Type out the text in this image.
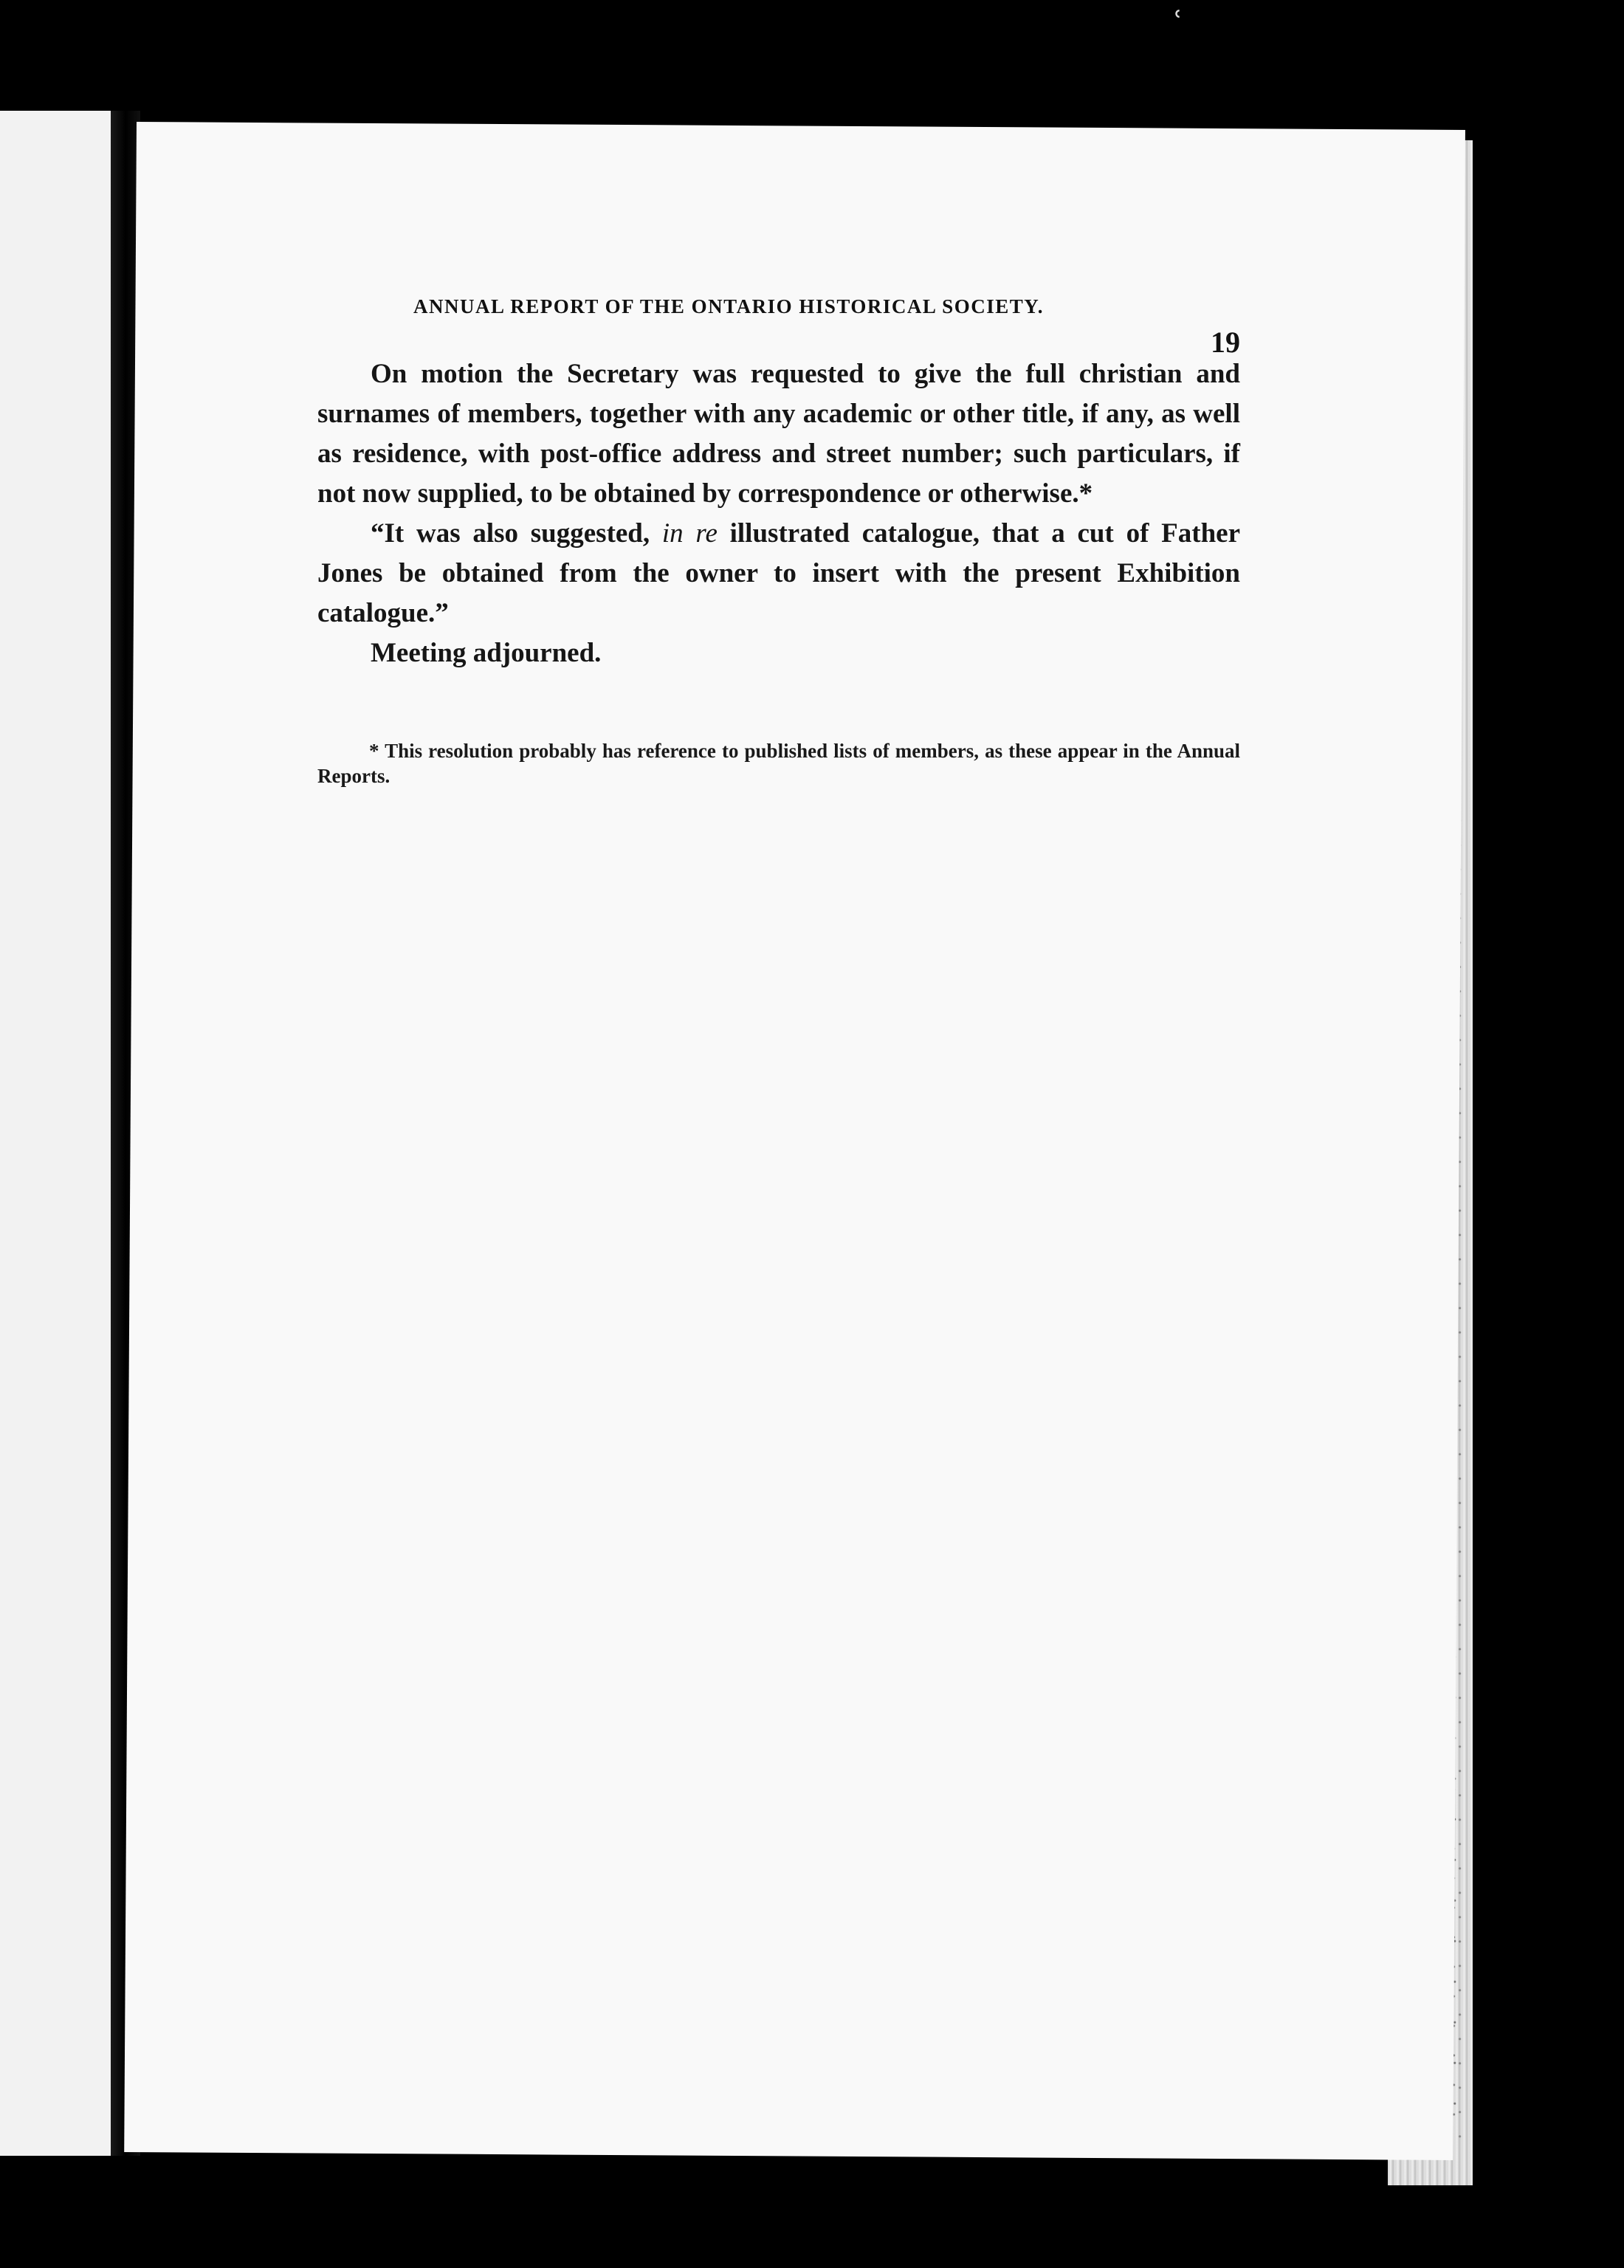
ʿ
ANNUAL REPORT OF THE ONTARIO HISTORICAL SOCIETY.
19

On motion the Secretary was requested to give the full christian and surnames of members, together with any academic or other title, if any, as well as residence, with post-office address and street number; such particulars, if not now supplied, to be obtained by correspondence or otherwise.*

“It was also suggested, in re illustrated catalogue, that a cut of Father Jones be obtained from the owner to insert with the present Exhibition catalogue.”

Meeting adjourned.

* This resolution probably has reference to published lists of members, as these appear in the Annual Reports.
